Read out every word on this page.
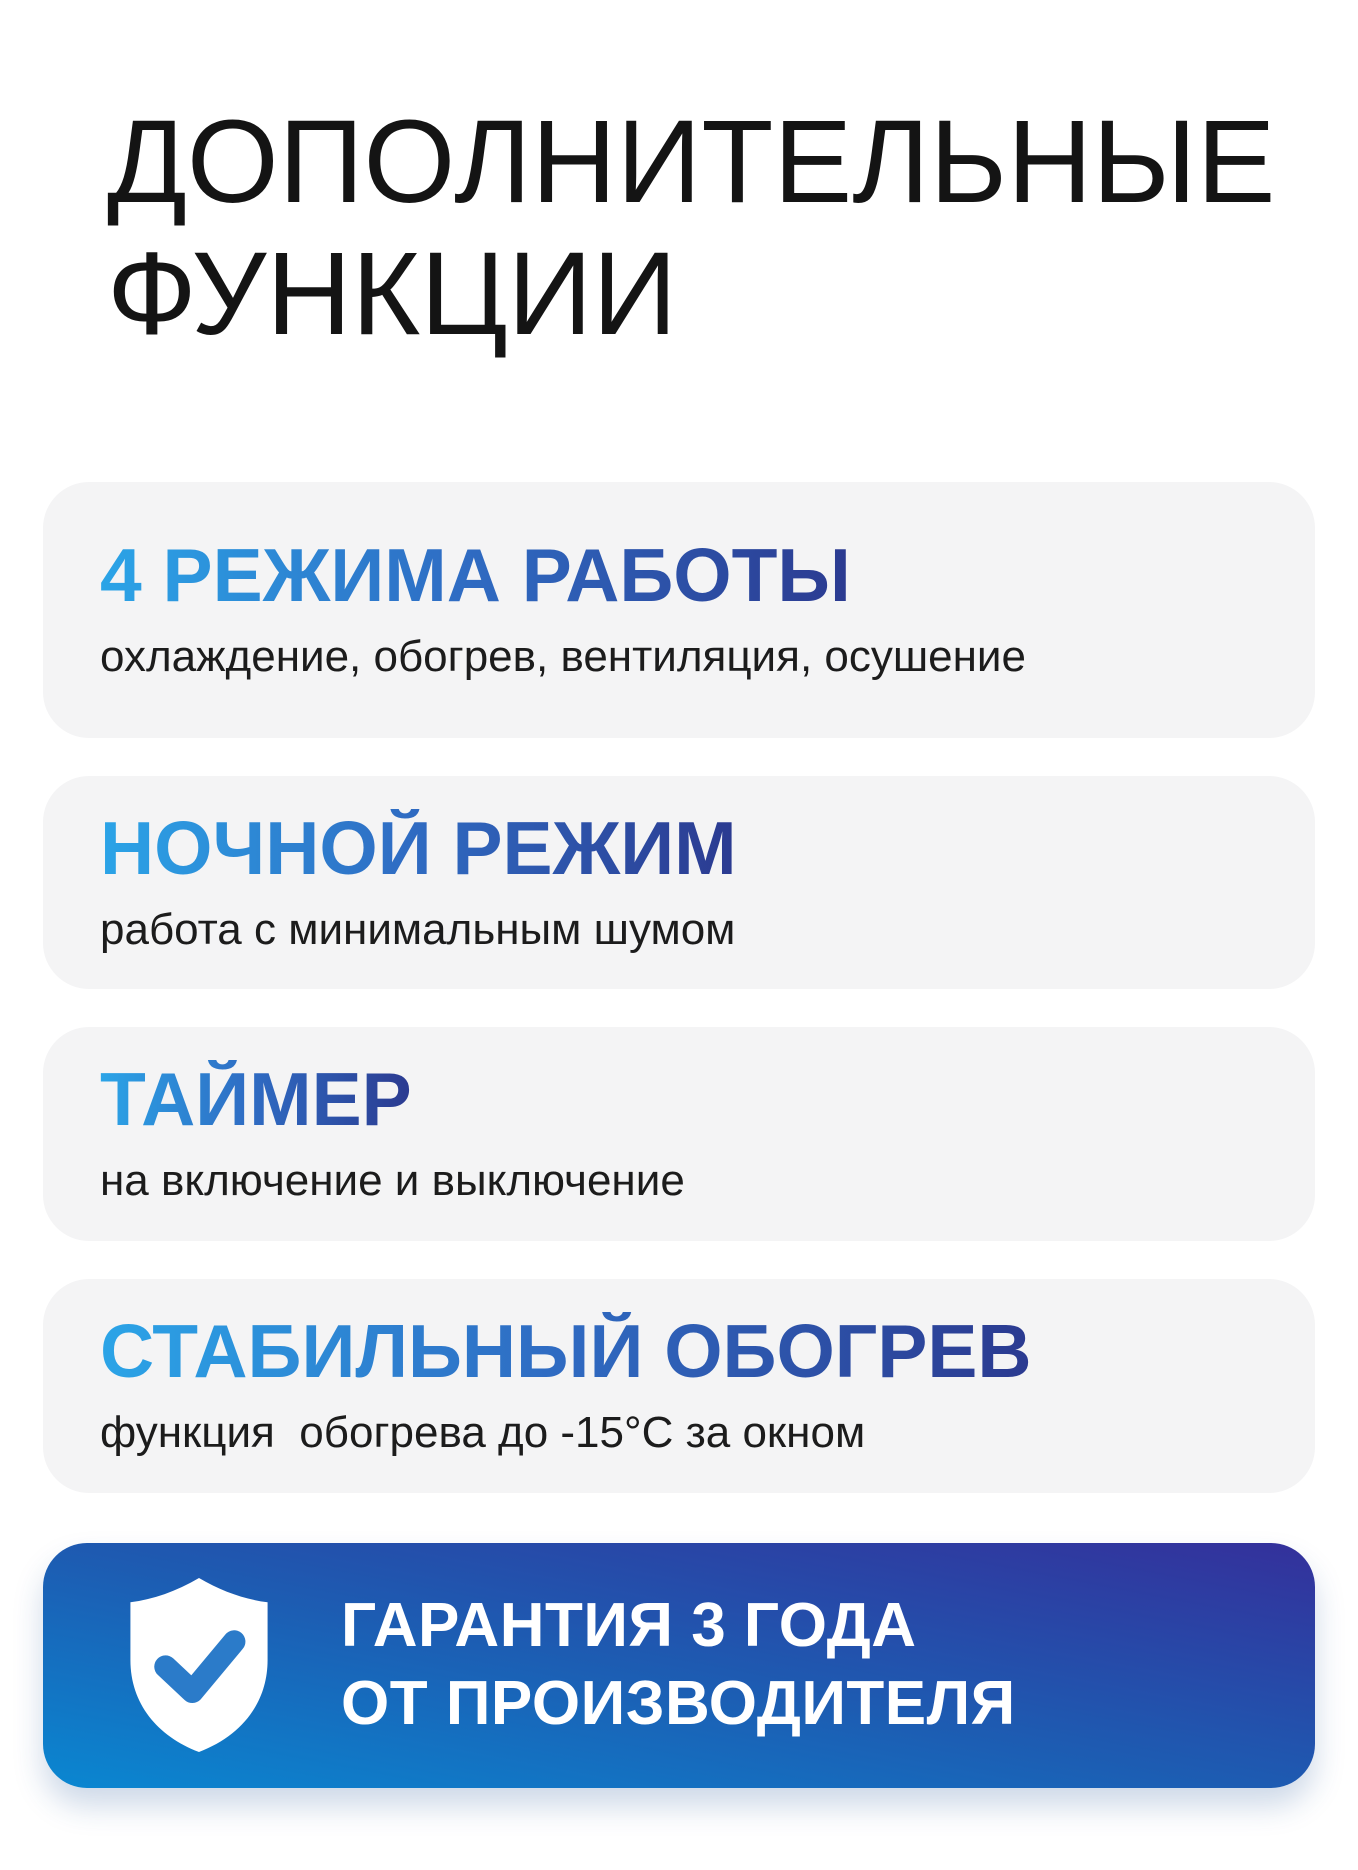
ДОПОЛНИТЕЛЬНЫЕ ФУНКЦИИ
4 РЕЖИМА РАБОТЫ

охлаждение, обогрев, вентиляция, осушение

НОЧНОЙ РЕЖИМ

работа с минимальным шумом

ТАЙМЕР

на включение и выключение

СТАБИЛЬНЫЙ ОБОГРЕВ

функция  обогрева до -15°С за окном

ГАРАНТИЯ 3 ГОДА
ОТ ПРОИЗВОДИТЕЛЯ
